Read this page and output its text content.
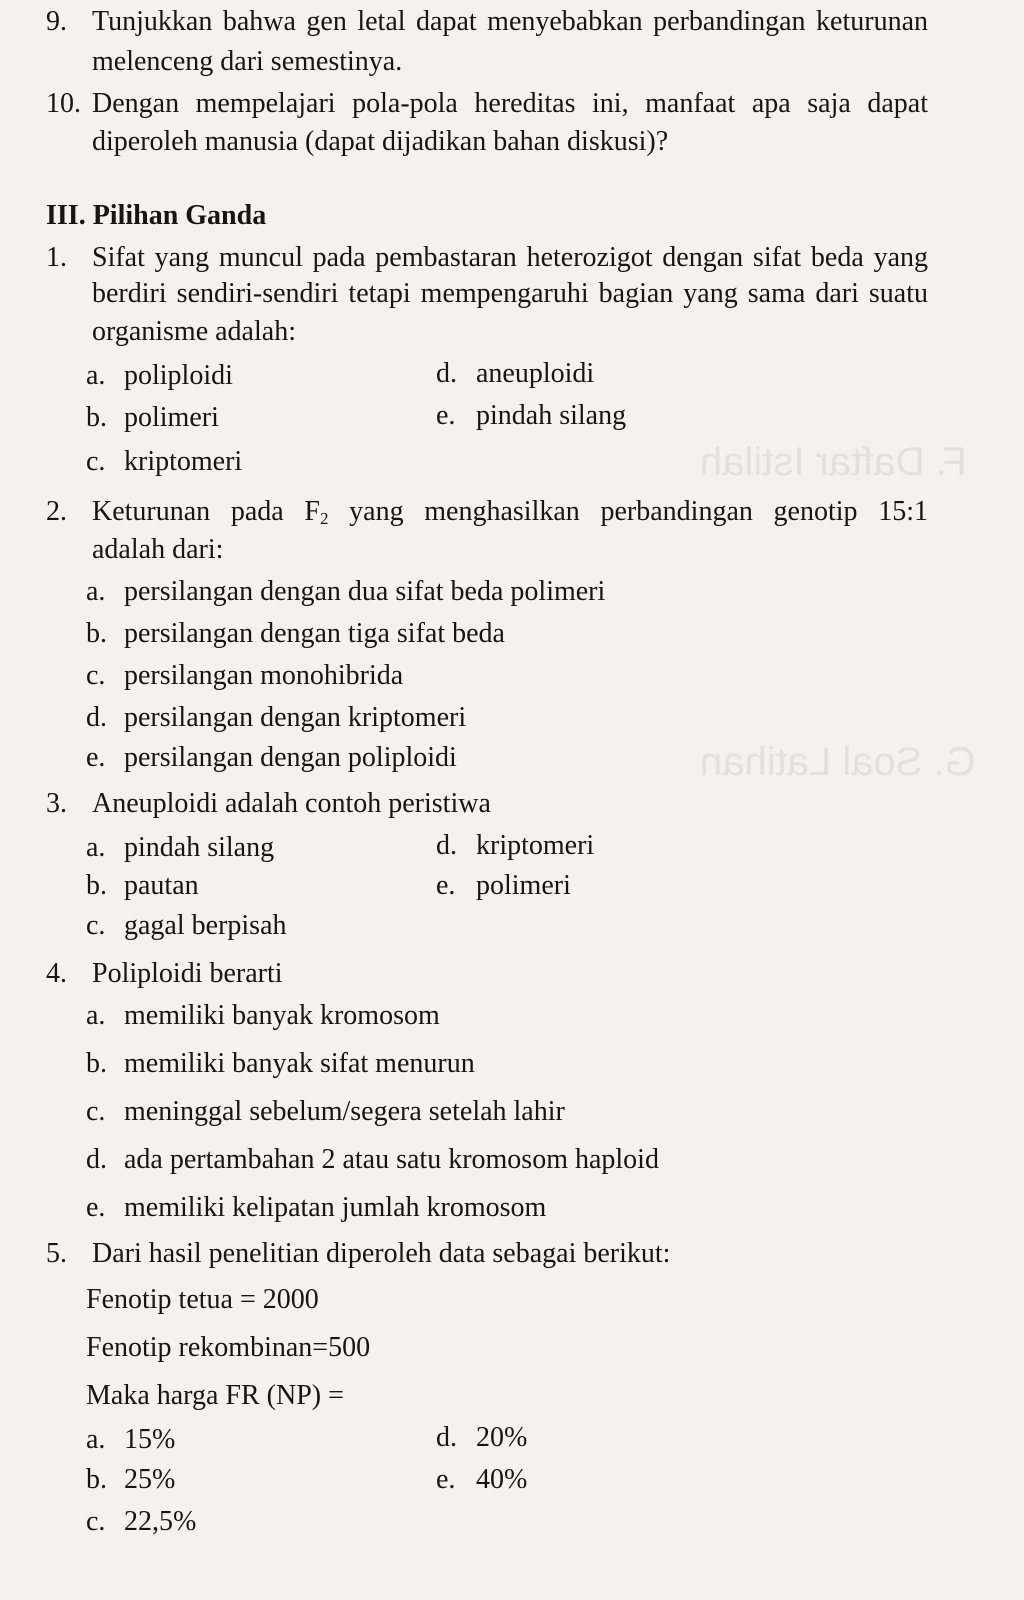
F. Daftar Istilah
G. Soal Latihan
9. Tunjukkan bahwa gen letal dapat menyebabkan perbandingan keturunan
melenceng dari semestinya.
10. Dengan mempelajari pola-pola hereditas ini, manfaat apa saja dapat
diperoleh manusia (dapat dijadikan bahan diskusi)?
III. Pilihan Ganda
1. Sifat yang muncul pada pembastaran heterozigot dengan sifat beda yang
berdiri sendiri-sendiri tetapi mempengaruhi bagian yang sama dari suatu
organisme adalah:
a. poliploidi	d. aneuploidi
b. polimeri	e. pindah silang
c. kriptomeri
2. Keturunan pada $F_2$ yang menghasilkan perbandingan genotip 15:1
adalah dari:
a. persilangan dengan dua sifat beda polimeri
b. persilangan dengan tiga sifat beda
c. persilangan monohibrida
d. persilangan dengan kriptomeri
e. persilangan dengan poliploidi
3. Aneuploidi adalah contoh peristiwa
a. pindah silang	d. kriptomeri
b. pautan	e. polimeri
c. gagal berpisah
4. Poliploidi berarti
a. memiliki banyak kromosom
b. memiliki banyak sifat menurun
c. meninggal sebelum/segera setelah lahir
d. ada pertambahan 2 atau satu kromosom haploid
e. memiliki kelipatan jumlah kromosom
5. Dari hasil penelitian diperoleh data sebagai berikut:
Fenotip tetua = 2000
Fenotip rekombinan=500
Maka harga FR (NP) =
a. 15%	d. 20%
b. 25%	e. 40%
c. 22,5%
